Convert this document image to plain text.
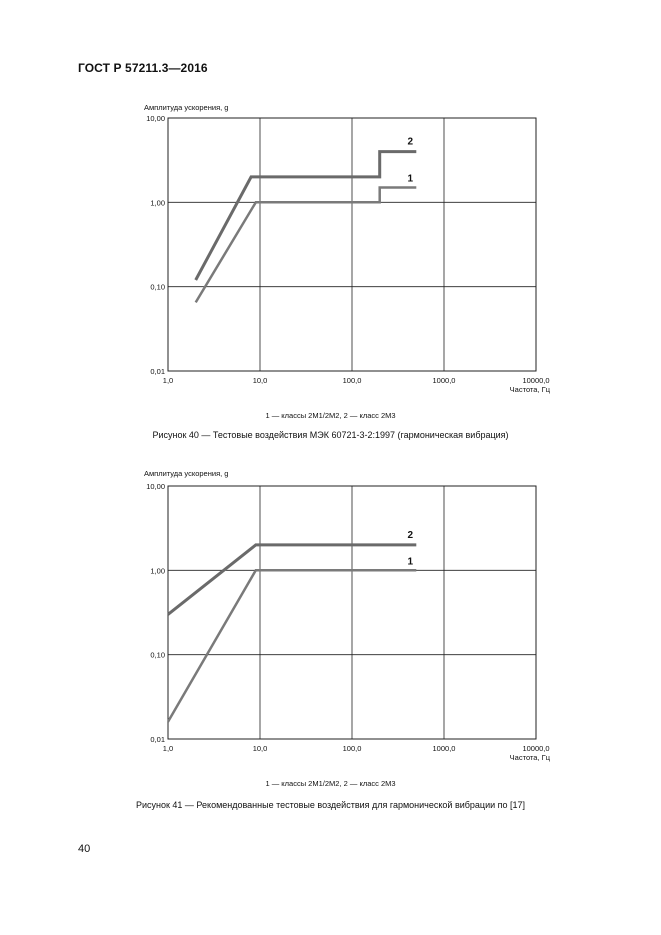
ГОСТ Р 57211.3—2016
Амплитуда ускорения, g
0,01
0,10
1,00
10,00
1,0	10,0	100,0	1000,0	10000,0
Частота, Гц
1
2
1 — классы 2М1/2М2, 2 — класс 2М3
Рисунок 40 — Тестовые воздействия МЭК 60721-3-2:1997 (гармоническая вибрация)
Амплитуда ускорения, g
0,01
0,10
1,00
10,00
1,0	10,0	100,0	1000,0	10000,0
Частота, Гц
1
2
1 — классы 2М1/2М2, 2 — класс 2М3
Рисунок 41 — Рекомендованные тестовые воздействия для гармонической вибрации по [17]
40
